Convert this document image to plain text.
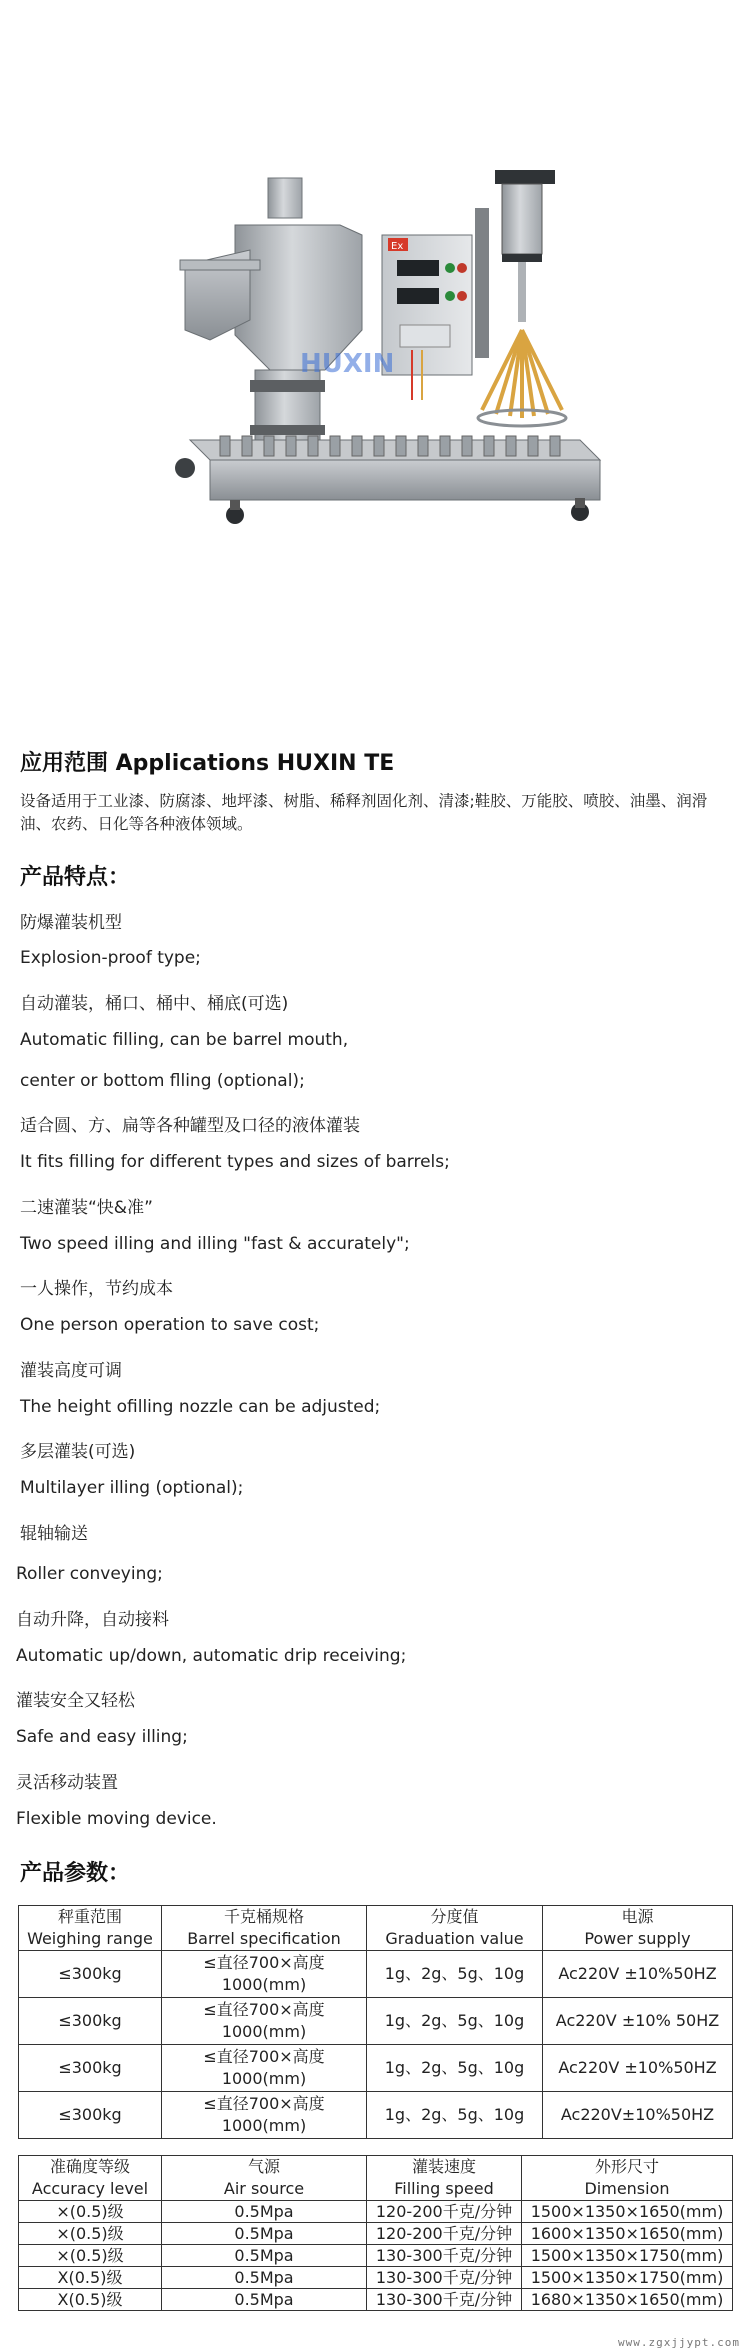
Ex
HUXIN
应用范围 Applications HUXIN TE
设备适用于工业漆、防腐漆、地坪漆、树脂、稀释剂固化剂、清漆;鞋胶、万能胶、喷胶、油墨、润滑油、农药、日化等各种液体领域。
产品特点：
防爆灌装机型
Explosion-proof type;
自动灌装，桶口、桶中、桶底(可选)
Automatic filling, can be barrel mouth,
center or bottom flling (optional);
适合圆、方、扁等各种罐型及口径的液体灌装
It fits filling for different types and sizes of barrels;
二速灌装“快&准”
Two speed illing and illing "fast & accurately";
一人操作，节约成本
One person operation to save cost;
灌装高度可调
The height ofilling nozzle can be adjusted;
多层灌装(可选)
Multilayer illing (optional);
辊轴输送
Roller conveying;
自动升降，自动接料
Automatic up/down, automatic drip receiving;
灌装安全又轻松
Safe and easy illing;
灵活移动装置
Flexible moving device.
产品参数：
秤重范围
Weighing range	千克桶规格
Barrel specification	分度值
Graduation value	电源
Power supply

≤300kg	≤直径700×高度
1000(mm)	1g、2g、5g、10g	Ac220V ±10%50HZ
≤300kg	≤直径700×高度
1000(mm)	1g、2g、5g、10g	Ac220V ±10% 50HZ
≤300kg	≤直径700×高度
1000(mm)	1g、2g、5g、10g	Ac220V ±10%50HZ
≤300kg	≤直径700×高度
1000(mm)	1g、2g、5g、10g	Ac220V±10%50HZ
准确度等级
Accuracy level	气源
Air source	灌装速度
Filling speed	外形尺寸
Dimension

×(0.5)级	0.5Mpa	120-200千克/分钟	1500×1350×1650(mm)
×(0.5)级	0.5Mpa	120-200千克/分钟	1600×1350×1650(mm)
×(0.5)级	0.5Mpa	130-300千克/分钟	1500×1350×1750(mm)
X(0.5)级	0.5Mpa	130-300千克/分钟	1500×1350×1750(mm)
X(0.5)级	0.5Mpa	130-300千克/分钟	1680×1350×1650(mm)
www.zgxjjypt.com
